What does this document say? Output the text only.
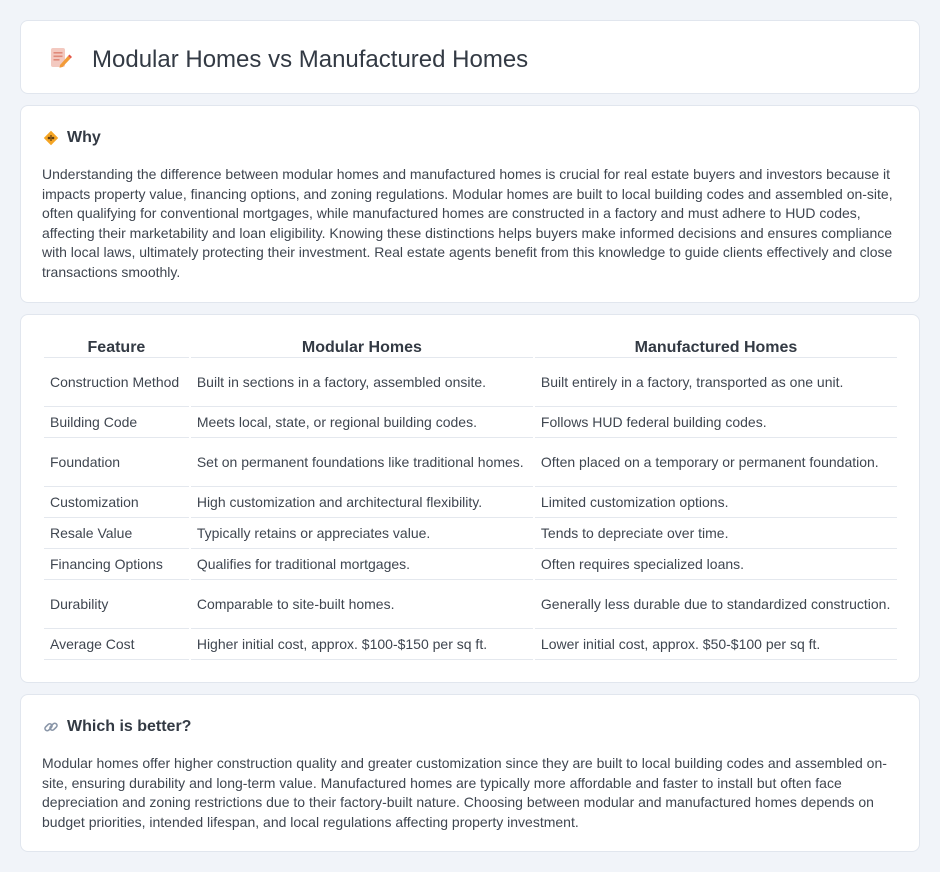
Modular Homes vs Manufactured Homes
Why

Understanding the difference between modular homes and manufactured homes is crucial for real estate buyers and investors because it impacts property value, financing options, and zoning regulations. Modular homes are built to local building codes and assembled on-site, often qualifying for conventional mortgages, while manufactured homes are constructed in a factory and must adhere to HUD codes, affecting their marketability and loan eligibility. Knowing these distinctions helps buyers make informed decisions and ensures compliance with local laws, ultimately protecting their investment. Real estate agents benefit from this knowledge to guide clients effectively and close transactions smoothly.

Feature	Modular Homes	Manufactured Homes
Construction Method	Built in sections in a factory, assembled onsite.	Built entirely in a factory, transported as one unit.
Building Code	Meets local, state, or regional building codes.	Follows HUD federal building codes.
Foundation	Set on permanent foundations like traditional homes.	Often placed on a temporary or permanent foundation.
Customization	High customization and architectural flexibility.	Limited customization options.
Resale Value	Typically retains or appreciates value.	Tends to depreciate over time.
Financing Options	Qualifies for traditional mortgages.	Often requires specialized loans.
Durability	Comparable to site-built homes.	Generally less durable due to standardized construction.
Average Cost	Higher initial cost, approx. $100-$150 per sq ft.	Lower initial cost, approx. $50-$100 per sq ft.
Which is better?

Modular homes offer higher construction quality and greater customization since they are built to local building codes and assembled on-site, ensuring durability and long-term value. Manufactured homes are typically more affordable and faster to install but often face depreciation and zoning restrictions due to their factory-built nature. Choosing between modular and manufactured homes depends on budget priorities, intended lifespan, and local regulations affecting property investment.
